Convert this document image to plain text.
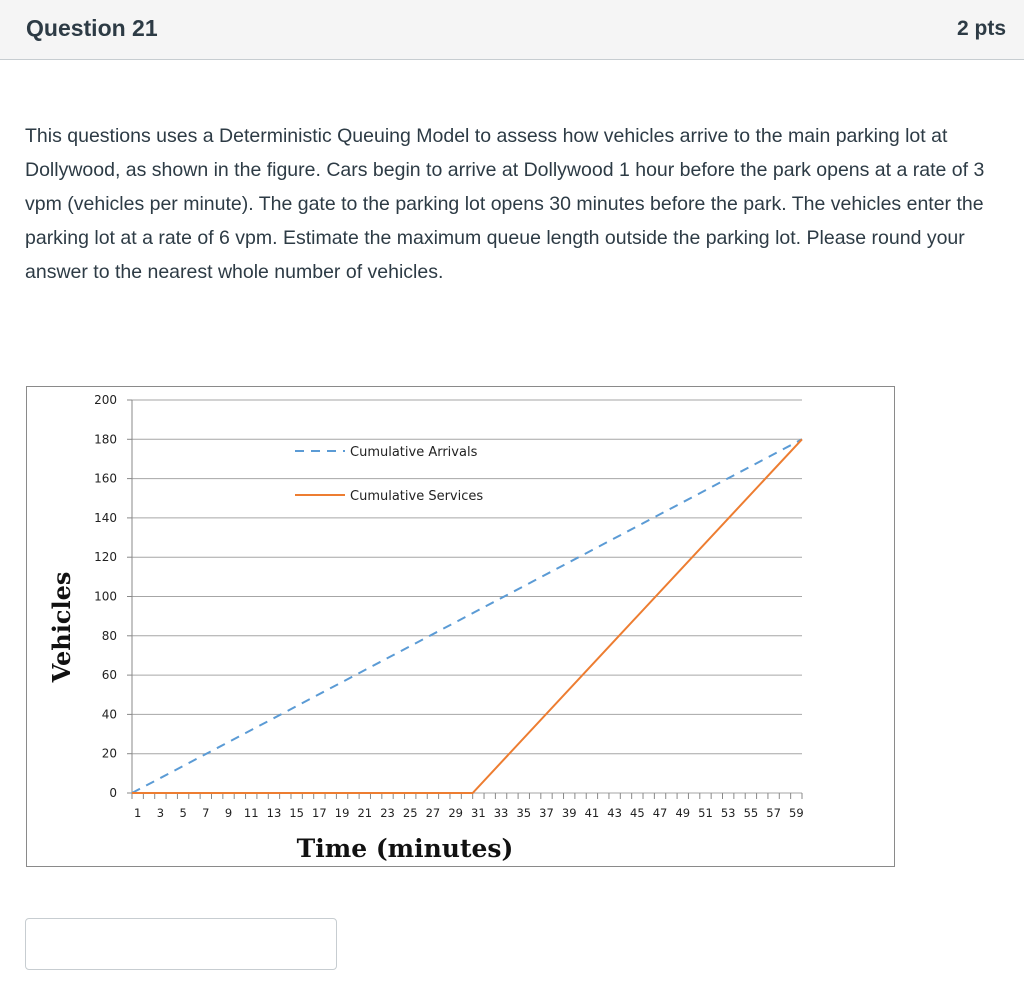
Question 21	2 pts

This questions uses a Deterministic Queuing Model to assess how vehicles arrive to the main parking lot at Dollywood, as shown in the figure. Cars begin to arrive at Dollywood 1 hour before the park opens at a rate of 3 vpm (vehicles per minute). The gate to the parking lot opens 30 minutes before the park. The vehicles enter the parking lot at a rate of 6 vpm. Estimate the maximum queue length outside the parking lot. Please round your answer to the nearest whole number of vehicles.

0
20
40
60
80
100
120
140
160
180
200
1 3 5 7 9 11 13 15 17 19 21 23 25 27 29 31 33 35 37 39 41 43 45 47 49 51 53 55 57 59
Cumulative Arrivals
Cumulative Services
Vehicles
Time (minutes)
